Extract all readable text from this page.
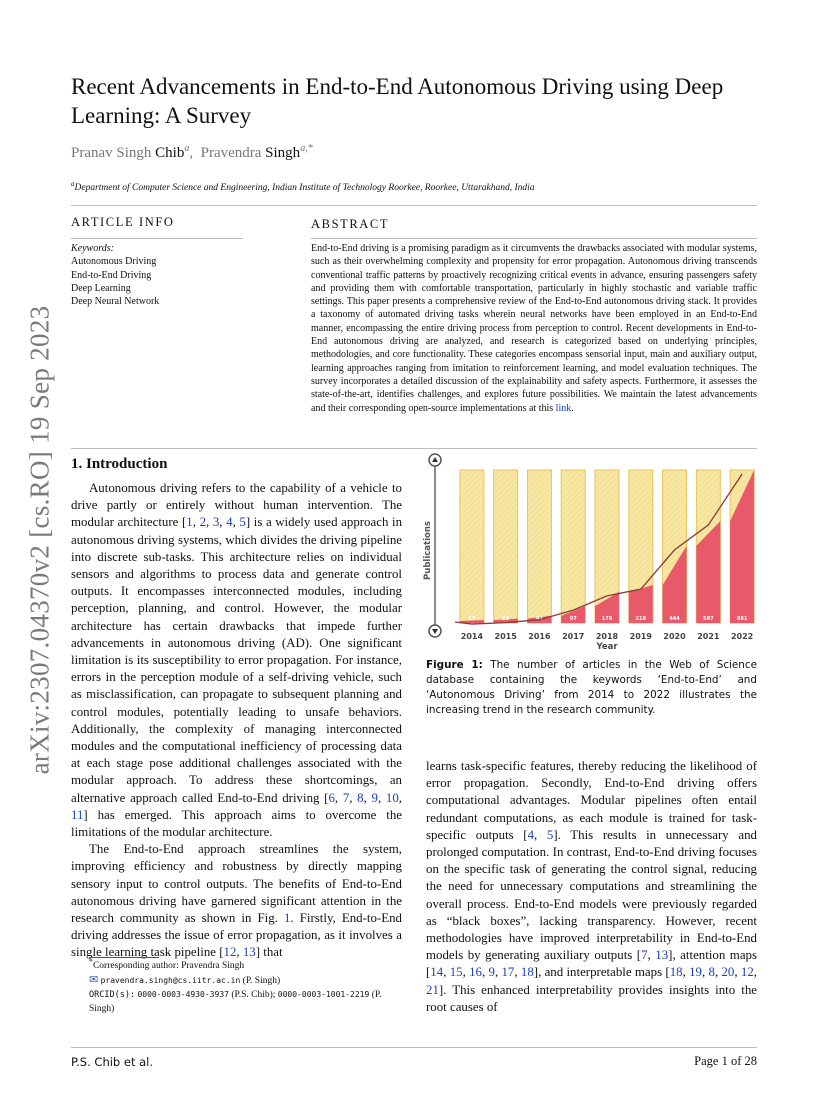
Recent Advancements in End-to-End Autonomous Driving using Deep Learning: A Survey
Pranav Singh Chib$^a$,  Pravendra Singh$^{a,*}$
$^a$Department of Computer Science and Engineering, Indian Institute of Technology Roorkee, Roorkee, Uttarakhand, India
ARTICLE INFO
Keywords:
Autonomous Driving
End-to-End Driving
Deep Learning
Deep Neural Network
ABSTRACT
End-to-End driving is a promising paradigm as it circumvents the drawbacks associated with modular systems, such as their overwhelming complexity and propensity for error propagation. Autonomous driving transcends conventional traffic patterns by proactively recognizing critical events in advance, ensuring passengers safety and providing them with comfortable transportation, particularly in highly stochastic and variable traffic settings. This paper presents a comprehensive review of the End-to-End autonomous driving stack. It provides a taxonomy of automated driving tasks wherein neural networks have been employed in an End-to-End manner, encompassing the entire driving process from perception to control. Recent developments in End-to-End autonomous driving are analyzed, and research is categorized based on underlying principles, methodologies, and core functionality. These categories encompass sensorial input, main and auxiliary output, learning approaches ranging from imitation to reinforcement learning, and model evaluation techniques. The survey incorporates a detailed discussion of the explainability and safety aspects. Furthermore, it assesses the state-of-the-art, identifies challenges, and explores future possibilities. We maintain the latest advancements and their corresponding open-source implementations at this link.
arXiv:2307.04370v2 [cs.RO] 19 Sep 2023 1. Introduction

Autonomous driving refers to the capability of a vehicle to drive partly or entirely without human intervention. The modular architecture [1, 2, 3, 4, 5] is a widely used approach in autonomous driving systems, which divides the driving pipeline into discrete sub-tasks. This architecture relies on individual sensors and algorithms to process data and generate control outputs. It encompasses interconnected modules, including perception, planning, and control. However, the modular architecture has certain drawbacks that impede further advancements in autonomous driving (AD). One significant limitation is its susceptibility to error propagation. For instance, errors in the perception module of a self-driving vehicle, such as misclassification, can propagate to subsequent planning and control modules, potentially leading to unsafe behaviors. Additionally, the complexity of managing interconnected modules and the computational inefficiency of processing data at each stage pose additional challenges associated with the modular approach. To address these shortcomings, an alternative approach called End-to-End driving [6, 7, 8, 9, 10, 11] has emerged. This approach aims to overcome the limitations of the modular architecture.

The End-to-End approach streamlines the system, improving efficiency and robustness by directly mapping sensory input to control outputs. The benefits of End-to-End autonomous driving have garnered significant attention in the research community as shown in Fig. 1. Firstly, End-to-End driving addresses the issue of error propagation, as it involves a single learning task pipeline [12, 13] that

*Corresponding author: Pravendra Singh
✉ pravendra.singh@cs.iitr.ac.in (P. Singh)
ORCID(s): 0000-0003-4930-3937 (P.S. Chib); 0000-0003-1001-2219 (P. Singh)
Publications
17
2014
25
2015
42
2016
97
2017
179
2018
218
2019
444
2020
587
2021
881
2022
Year
Figure 1: The number of articles in the Web of Science database containing the keywords ‘End-to-End’ and ‘Autonomous Driving’ from 2014 to 2022 illustrates the increasing trend in the research community.

learns task-specific features, thereby reducing the likelihood of error propagation. Secondly, End-to-End driving offers computational advantages. Modular pipelines often entail redundant computations, as each module is trained for task-specific outputs [4, 5]. This results in unnecessary and prolonged computation. In contrast, End-to-End driving focuses on the specific task of generating the control signal, reducing the need for unnecessary computations and streamlining the overall process. End-to-End models were previously regarded as “black boxes”, lacking transparency. However, recent methodologies have improved interpretability in End-to-End models by generating auxiliary outputs [7, 13], attention maps [14, 15, 16, 9, 17, 18], and interpretable maps [18, 19, 8, 20, 12, 21]. This enhanced interpretability provides insights into the root causes of

P.S. Chib et al.	Page 1 of 28
